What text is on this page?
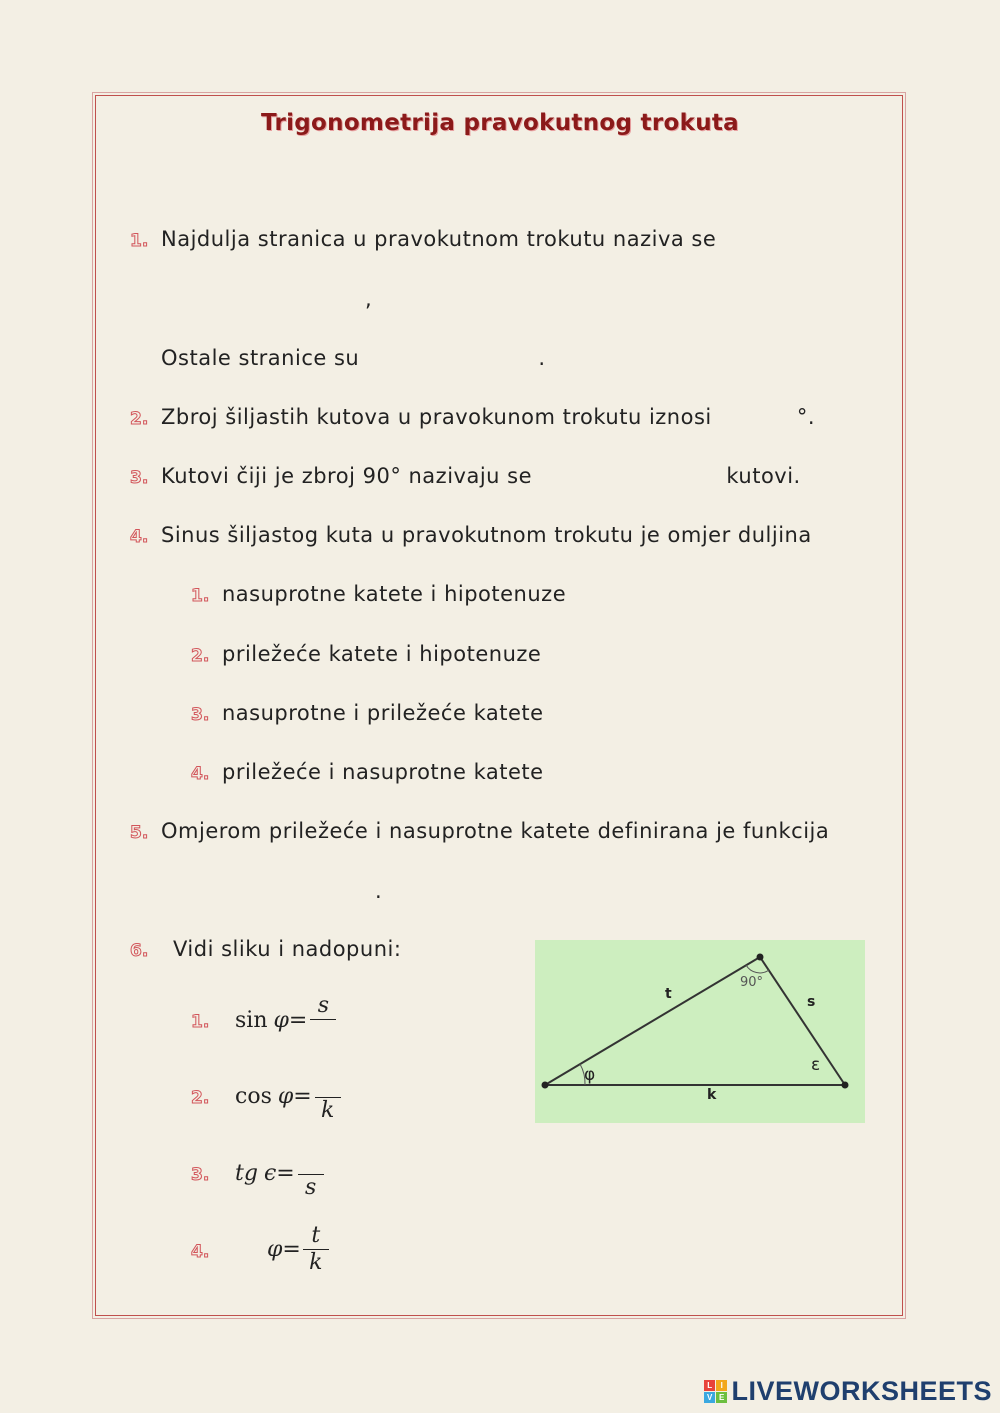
Trigonometrija pravokutnog trokuta
1. Najdulja stranica u pravokutnom trokutu naziva se
,
Ostale stranice su	.
2. Zbroj šiljastih kutova u pravokunom trokutu iznosi	°.
3. Kutovi čiji je zbroj 90° nazivaju se	kutovi.
4. Sinus šiljastog kuta u pravokutnom trokutu je omjer duljina
1. nasuprotne katete i hipotenuze
2. priležeće katete i hipotenuze
3. nasuprotne i priležeće katete
4. priležeće i nasuprotne katete
5. Omjerom priležeće i nasuprotne katete definirana je funkcija
.
6. Vidi sliku i nadopuni:
1. sin φ =
s
2. cos φ =
k
3. tg ϵ =
s
4.	$\varphi = \frac{t}{k}$
t	s
k
90°
φ	ε
L I
V E LIVEWORKSHEETS
